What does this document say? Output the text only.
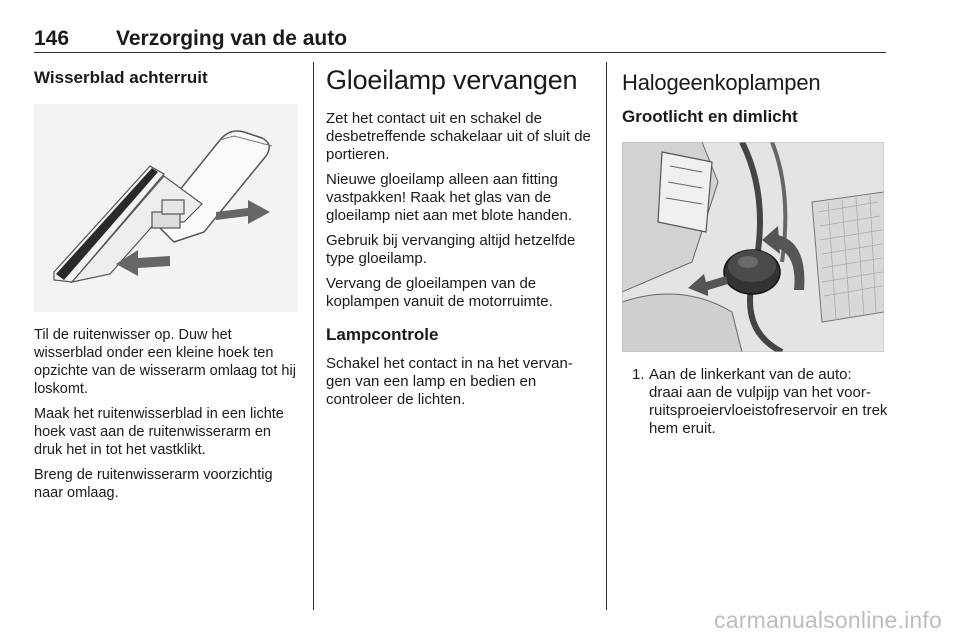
146 Verzorging van de auto
Wisserblad achterruit

Til de ruitenwisser op. Duw het wisserblad onder een kleine hoek ten opzichte van de wisserarm omlaag tot hij loskomt.

Maak het ruitenwisserblad in een lichte hoek vast aan de ruitenwisserarm en druk het in tot het vastklikt.

Breng de ruitenwisserarm voorzichtig naar omlaag.

Gloeilamp vervangen

Zet het contact uit en schakel de desbetreffende schakelaar uit of sluit de portieren.

Nieuwe gloeilamp alleen aan fitting vastpakken! Raak het glas van de gloeilamp niet aan met blote handen.

Gebruik bij vervanging altijd hetzelfde type gloeilamp.

Vervang de gloeilampen van de koplampen vanuit de motorruimte.

Lampcontrole

Schakel het contact in na het vervangen van een lamp en bedien en controleer de lichten.

Halogeenkoplampen
Grootlicht en dimlicht
1. Aan de linkerkant van de auto: draai aan de vulpijp van het voorruitsproeiervloeistofreservoir en trek hem eruit.
carmanualsonline.info
